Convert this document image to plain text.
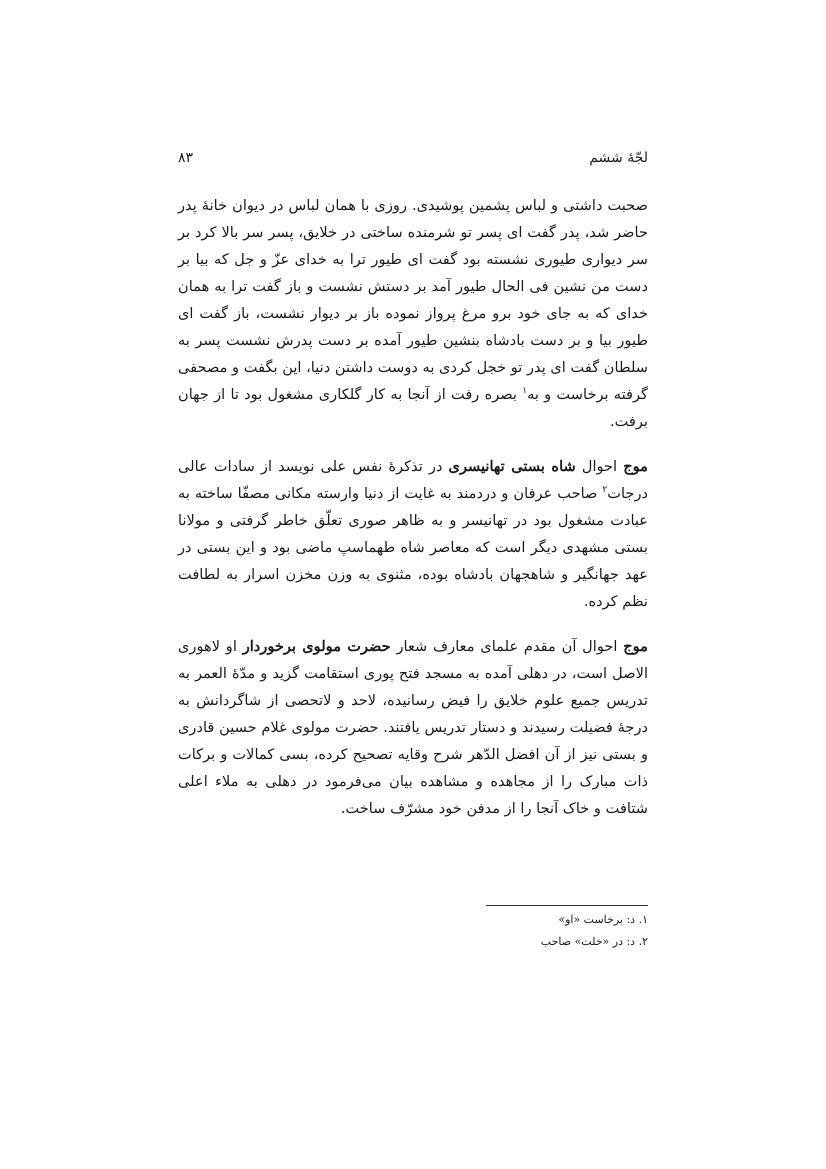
لجّهٔ ششم
۸۳

صحبت داشتی و لباس پشمین پوشیدی. روزی با همان لباس در دیوان خانهٔ پدر حاضر شد، پدر گفت ای پسر تو شرمنده ساختی در خلایق، پسر سر بالا کرد بر سر دیواری طیوری نشسته بود گفت ای طیور ترا به خدای عزّ و جل که بیا بر دست من نشین فی الحال طیور آمد بر دستش نشست و باز گفت ترا به همان خدای که به جای خود برو مرغ پرواز نموده باز بر دیوار نشست، باز گفت ای طیور بیا و بر دست بادشاه بنشین طیور آمده بر دست پدرش نشست پسر به سلطان گفت ای پدر تو خجل کردی به دوست داشتن دنیا، این بگفت و مصحفی گرفته برخاست و به$^۱$ بصره رفت از آنجا به کار گلکاری مشغول بود تا از جهان برفت.

موج احوال شاه بستی تهانیسری در تذکرهٔ نفس علی نویسد از سادات عالی درجات$^۲$ صاحب عرفان و دردمند به غایت از دنیا وارسته مکانی مصفّا ساخته به عبادت مشغول بود در تهانیسر و به ظاهر صوری تعلّق خاطر گرفتی و مولانا بستی مشهدی دیگر است که معاصر شاه طهماسپ ماضی بود و این بستی در عهد جهانگیر و شاهجهان بادشاه بوده، مثنوی به وزن مخزن اسرار به لطافت نظم کرده.

موج احوال آن مقدم علمای معارف شعار حضرت مولوی برخوردار او لاهوری الاصل است، در دهلی آمده به مسجد فتح پوری استقامت گزید و مدّهٔ العمر به تدریس جمیع علوم خلایق را فیض رسانیده، لاحد و لاتحصی از شاگردانش به درجهٔ فضیلت رسیدند و دستار تدریس یافتند. حضرت مولوی غلام حسین قادری و بستی نیز از آن افضل الدّهر شرح وقایه تصحیح کرده، بسی کمالات و برکات ذات مبارک را از مجاهده و مشاهده بیان می‌فرمود در دهلی به ملاء اعلی شتافت و خاک آنجا را از مدفن خود مشرّف ساخت.

۱. د: برخاست «او»

۲. د: در «خلت» صاحب
